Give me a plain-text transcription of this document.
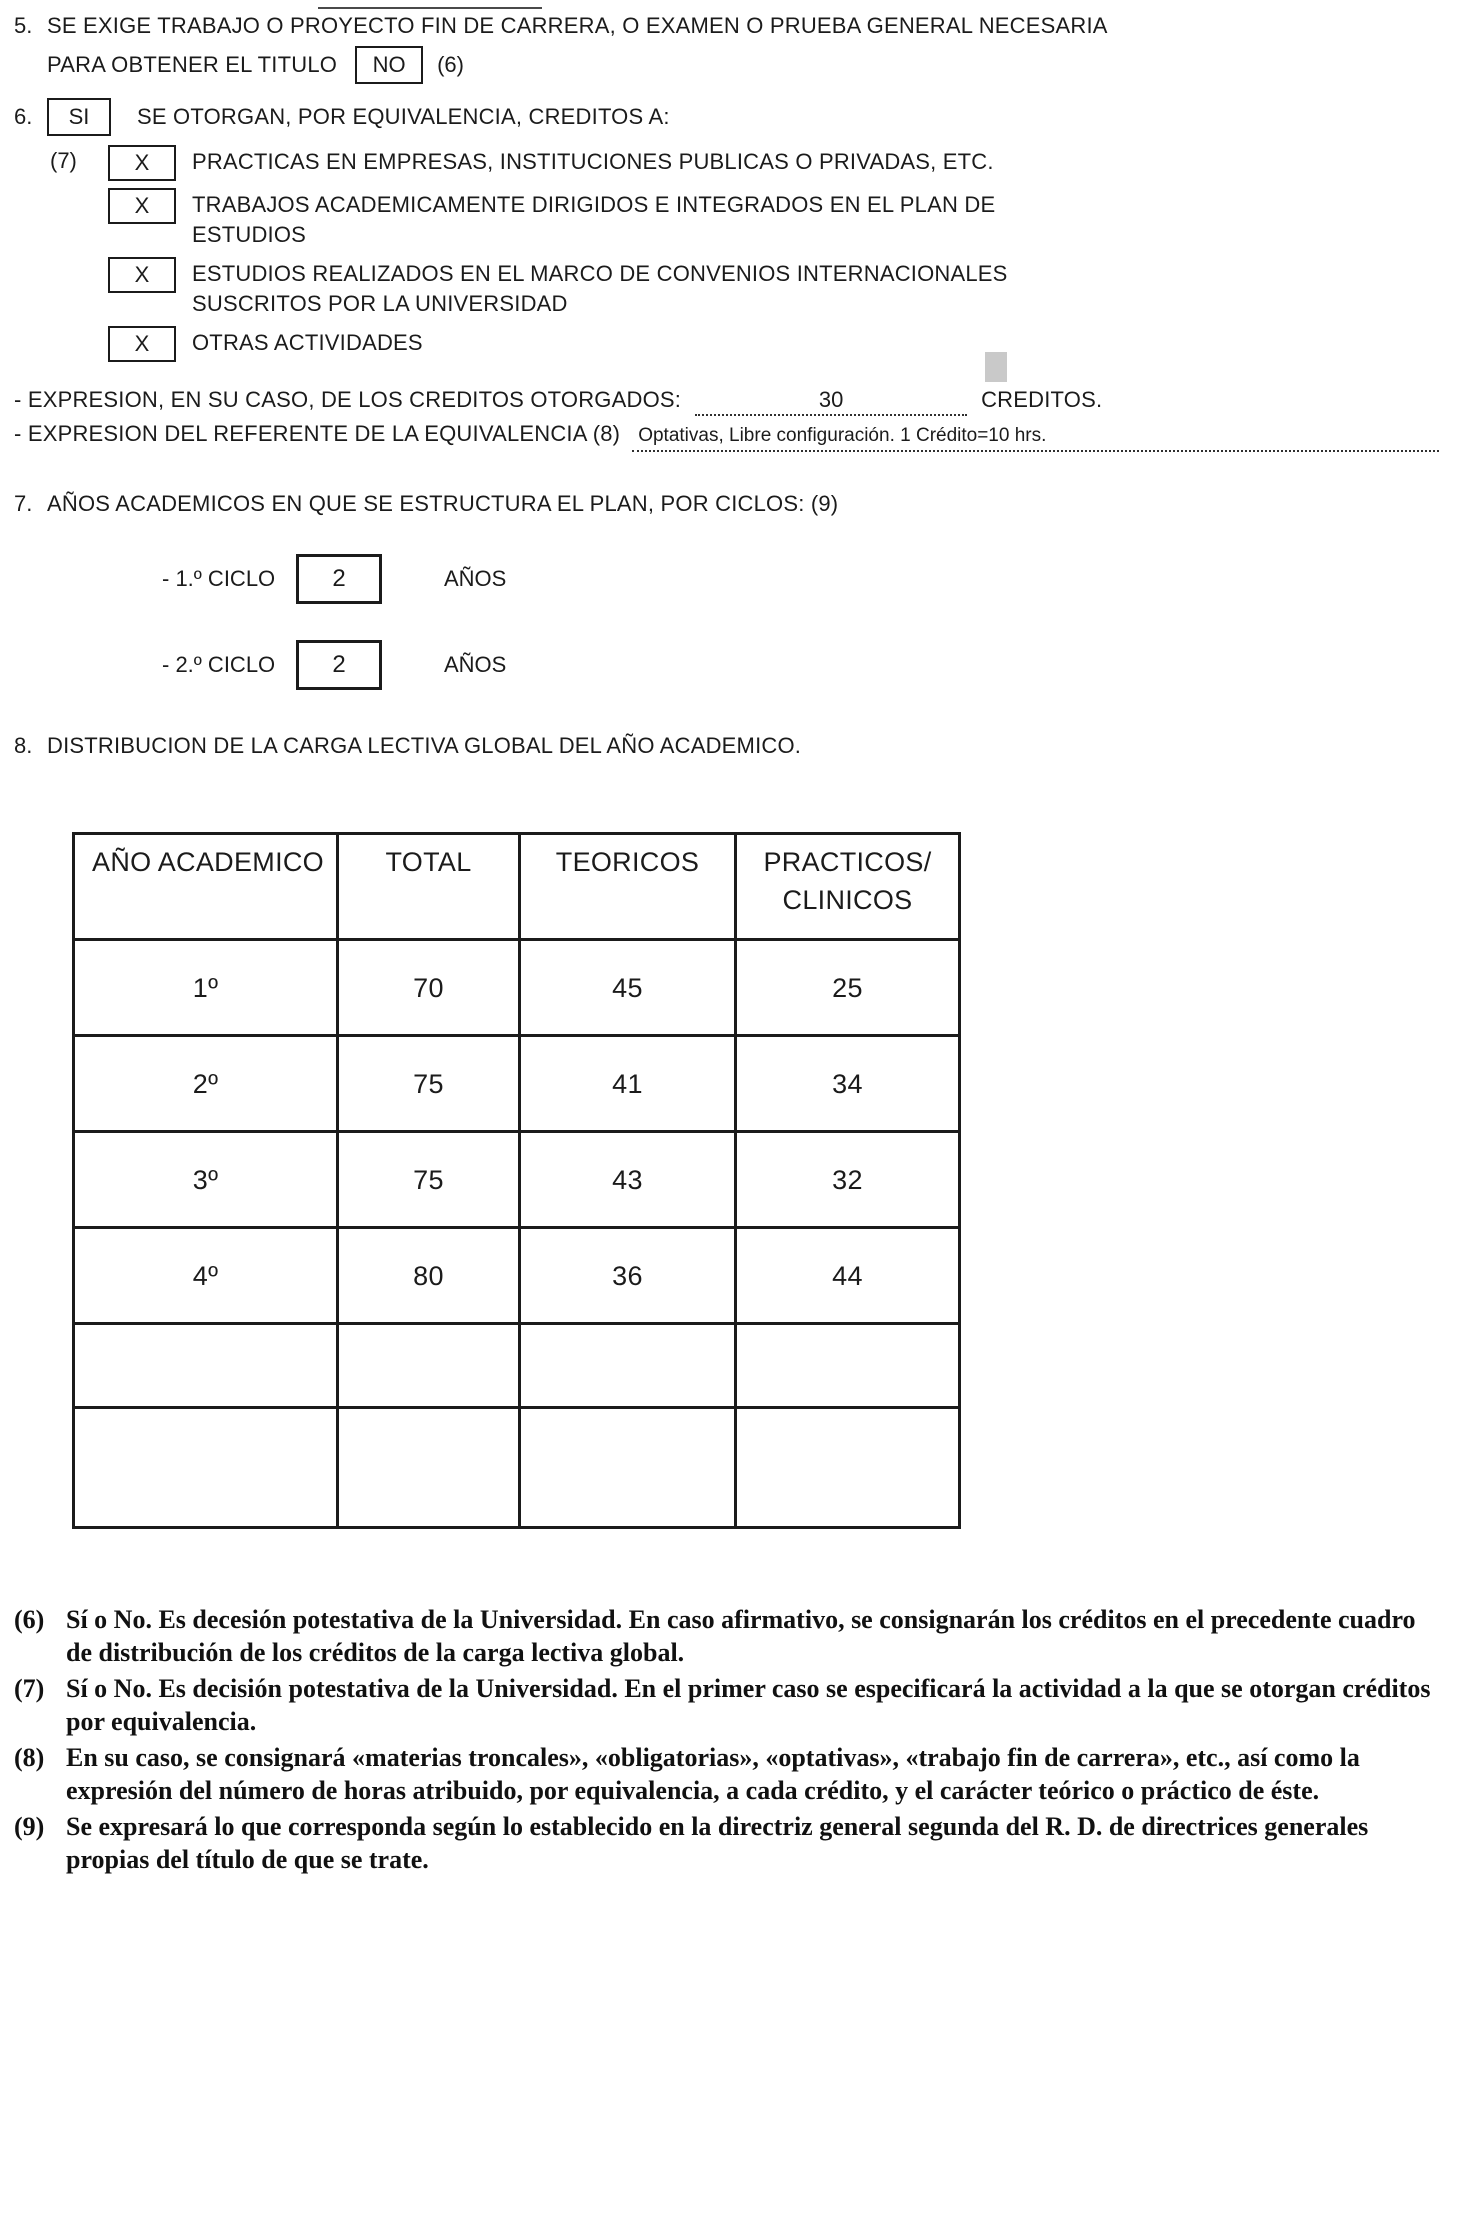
5. SE EXIGE TRABAJO O PROYECTO FIN DE CARRERA, O EXAMEN O PRUEBA GENERAL NECESARIA
PARA OBTENER EL TITULO	NO	(6)
6.	SI	SE OTORGAN, POR EQUIVALENCIA, CREDITOS A:
(7)	X	PRACTICAS EN EMPRESAS, INSTITUCIONES PUBLICAS O PRIVADAS, ETC.
X	TRABAJOS ACADEMICAMENTE DIRIGIDOS E INTEGRADOS EN EL PLAN DE ESTUDIOS
X	ESTUDIOS REALIZADOS EN EL MARCO DE CONVENIOS INTERNACIONALES SUSCRITOS POR LA UNIVERSIDAD
X	OTRAS ACTIVIDADES
- EXPRESION, EN SU CASO, DE LOS CREDITOS OTORGADOS:	30	CREDITOS.
- EXPRESION DEL REFERENTE DE LA EQUIVALENCIA (8) Optativas, Libre configuración. 1 Crédito=10 hrs.
7. AÑOS ACADEMICOS EN QUE SE ESTRUCTURA EL PLAN, POR CICLOS: (9)
- 1.º CICLO	2	AÑOS
- 2.º CICLO	2	AÑOS
8. DISTRIBUCION DE LA CARGA LECTIVA GLOBAL DEL AÑO ACADEMICO.
AÑO ACADEMICO	TOTAL	TEORICOS	PRACTICOS/ CLINICOS
1º	70	45	25
2º	75	41	34
3º	75	43	32
4º	80	36	44

(6) Sí o No. Es decesión potestativa de la Universidad. En caso afirmativo, se consignarán los créditos en el precedente cuadro de distribución de los créditos de la carga lectiva global.
(7) Sí o No. Es decisión potestativa de la Universidad. En el primer caso se especificará la actividad a la que se otorgan créditos por equivalencia.
(8) En su caso, se consignará «materias troncales», «obligatorias», «optativas», «trabajo fin de carrera», etc., así como la expresión del número de horas atribuido, por equivalencia, a cada crédito, y el carácter teórico o práctico de éste.
(9) Se expresará lo que corresponda según lo establecido en la directriz general segunda del R. D. de directrices generales propias del título de que se trate.
